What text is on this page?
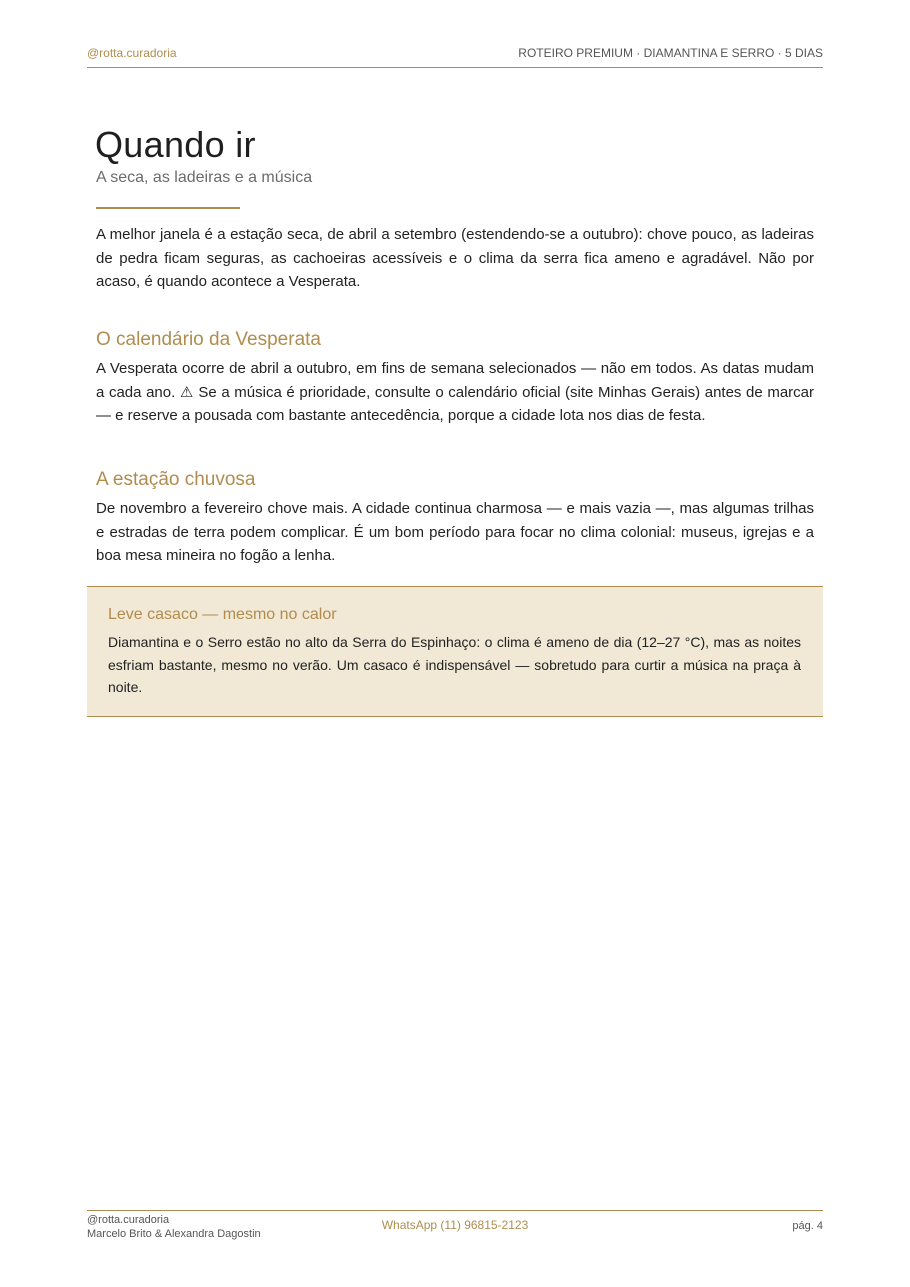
@rotta.curadoria	ROTEIRO PREMIUM · DIAMANTINA E SERRO · 5 DIAS
Quando ir

A seca, as ladeiras e a música

A melhor janela é a estação seca, de abril a setembro (estendendo-se a outubro): chove pouco, as ladeiras de pedra ficam seguras, as cachoeiras acessíveis e o clima da serra fica ameno e agradável. Não por acaso, é quando acontece a Vesperata.

O calendário da Vesperata

A Vesperata ocorre de abril a outubro, em fins de semana selecionados — não em todos. As datas mudam a cada ano. ⚠ Se a música é prioridade, consulte o calendário oficial (site Minhas Gerais) antes de marcar — e reserve a pousada com bastante antecedência, porque a cidade lota nos dias de festa.

A estação chuvosa

De novembro a fevereiro chove mais. A cidade continua charmosa — e mais vazia —, mas algumas trilhas e estradas de terra podem complicar. É um bom período para focar no clima colonial: museus, igrejas e a boa mesa mineira no fogão a lenha.

Leve casaco — mesmo no calor

Diamantina e o Serro estão no alto da Serra do Espinhaço: o clima é ameno de dia (12–27 °C), mas as noites esfriam bastante, mesmo no verão. Um casaco é indispensável — sobretudo para curtir a música na praça à noite.

@rotta.curadoria
Marcelo Brito & Alexandra Dagostin
WhatsApp (11) 96815-2123	pág. 4
